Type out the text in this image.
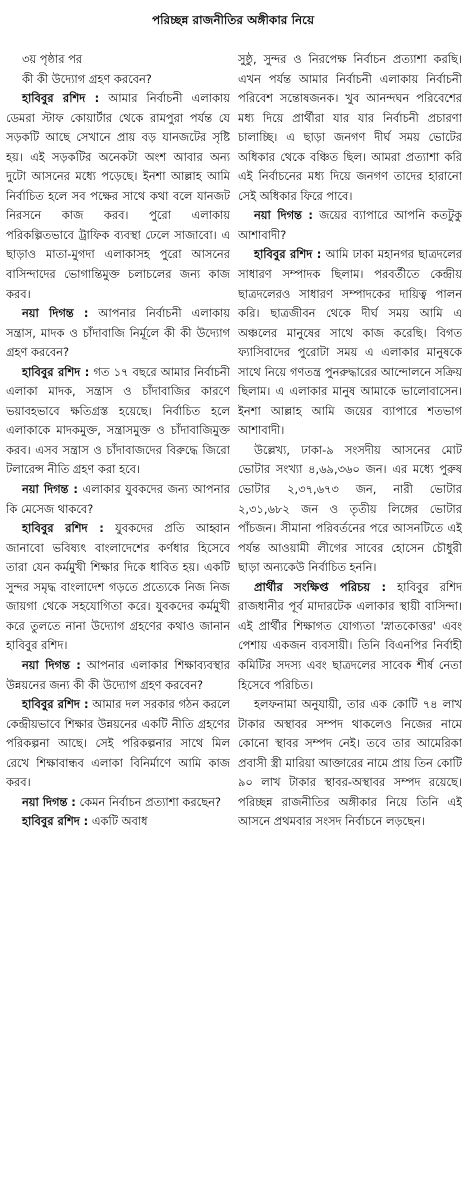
পরিচ্ছন্ন রাজনীতির অঙ্গীকার নিয়ে

৩য় পৃষ্ঠার পর

কী কী উদ্যোগ গ্রহণ করবেন?

হাবিবুর রশিদ : আমার নির্বাচনী এলাকায় ডেমরা স্টাফ কোয়ার্টার থেকে রামপুরা পর্যন্ত যে সড়কটি আছে সেখানে প্রায় বড় যানজটের সৃষ্টি হয়। এই সড়কটির অনেকটা অংশ আবার অন্য দুটো আসনের মধ্যে পড়েছে। ইনশা আল্লাহ আমি নির্বাচিত হলে সব পক্ষের সাথে কথা বলে যানজট নিরসনে কাজ করব। পুরো এলাকায় পরিকল্পিতভাবে ট্রাফিক ব্যবস্থা ঢেলে সাজাবো। এ ছাড়াও মাতা-মুগদা এলাকাসহ পুরো আসনের বাসিন্দাদের ভোগান্তিমুক্ত চলাচলের জন্য কাজ করব।

নয়া দিগন্ত : আপনার নির্বাচনী এলাকায় সন্ত্রাস, মাদক ও চাঁদাবাজি নির্মূলে কী কী উদ্যোগ গ্রহণ করবেন?

হাবিবুর রশিদ : গত ১৭ বছরে আমার নির্বাচনী এলাকা মাদক, সন্ত্রাস ও চাঁদাবাজির কারণে ভয়াবহভাবে ক্ষতিগ্রস্ত হয়েছে। নির্বাচিত হলে এলাকাকে মাদকমুক্ত, সন্ত্রাসমুক্ত ও চাঁদাবাজিমুক্ত করব। এসব সন্ত্রাস ও চাঁদাবাজদের বিরুদ্ধে জিরো টলারেন্স নীতি গ্রহণ করা হবে।

নয়া দিগন্ত : এলাকার যুবকদের জন্য আপনার কি মেসেজ থাকবে?

হাবিবুর রশিদ : যুবকদের প্রতি আহ্বান জানাবো ভবিষ্যৎ বাংলাদেশের কর্ণধার হিসেবে তারা যেন কর্মমুখী শিক্ষার দিকে ধাবিত হয়। একটি সুন্দর সমৃদ্ধ বাংলাদেশ গড়তে প্রত্যেকে নিজ নিজ জায়গা থেকে সহযোগিতা করে। যুবকদের কর্মমুখী করে তুলতে নানা উদ্যোগ গ্রহণের কথাও জানান হাবিবুর রশিদ।

নয়া দিগন্ত : আপনার এলাকার শিক্ষাব্যবস্থার উন্নয়নের জন্য কী কী উদ্যোগ গ্রহণ করবেন?

হাবিবুর রশিদ : আমার দল সরকার গঠন করলে কেন্দ্রীয়ভাবে শিক্ষার উন্নয়নের একটি নীতি গ্রহণের পরিকল্পনা আছে। সেই পরিকল্পনার সাথে মিল রেখে শিক্ষাবান্ধব এলাকা বিনির্মাণে আমি কাজ করব।

নয়া দিগন্ত : কেমন নির্বাচন প্রত্যাশা করছেন?

হাবিবুর রশিদ : একটি অবাধ

সুষ্ঠু, সুন্দর ও নিরপেক্ষ নির্বাচন প্রত্যাশা করছি। এখন পর্যন্ত আমার নির্বাচনী এলাকায় নির্বাচনী পরিবেশ সন্তোষজনক। খুব আনন্দঘন পরিবেশের মধ্য দিয়ে প্রার্থীরা যার যার নির্বাচনী প্রচারণা চালাচ্ছি। এ ছাড়া জনগণ দীর্ঘ সময় ভোটের অধিকার থেকে বঞ্চিত ছিল। আমরা প্রত্যাশা করি এই নির্বাচনের মধ্য দিয়ে জনগণ তাদের হারানো সেই অধিকার ফিরে পাবে।

নয়া দিগন্ত : জয়ের ব্যাপারে আপনি কতটুকু আশাবাদী?

হাবিবুর রশিদ : আমি ঢাকা মহানগর ছাত্রদলের সাধারণ সম্পাদক ছিলাম। পরবর্তীতে কেন্দ্রীয় ছাত্রদলেরও সাধারণ সম্পাদকের দায়িত্ব পালন করি। ছাত্রজীবন থেকে দীর্ঘ সময় আমি এ অঞ্চলের মানুষের সাথে কাজ করেছি। বিগত ফ্যাসিবাদের পুরোটা সময় এ এলাকার মানুষকে সাথে নিয়ে গণতন্ত্র পুনরুদ্ধারের আন্দোলনে সক্রিয় ছিলাম। এ এলাকার মানুষ আমাকে ভালোবাসেন। ইনশা আল্লাহ আমি জয়ের ব্যাপারে শতভাগ আশাবাদী।

উল্লেখ্য, ঢাকা-৯ সংসদীয় আসনের মোট ভোটার সংখ্যা ৪,৬৯,৩৬০ জন। এর মধ্যে পুরুষ ভোটার ২,৩৭,৬৭৩ জন, নারী ভোটার ২,৩১,৬৮২ জন ও তৃতীয় লিঙ্গের ভোটার পাঁচজন। সীমানা পরিবর্তনের পরে আসনটিতে এই পর্যন্ত আওয়ামী লীগের সাবের হোসেন চৌধুরী ছাড়া অন্যকেউ নির্বাচিত হননি।

প্রার্থীর সংক্ষিপ্ত পরিচয় : হাবিবুর রশিদ রাজধানীর পূর্ব মাদারটেক এলাকার স্থায়ী বাসিন্দা। এই প্রার্থীর শিক্ষাগত যোগ্যতা 'স্নাতকোত্তর' এবং পেশায় একজন ব্যবসায়ী। তিনি বিএনপির নির্বাহী কমিটির সদস্য এবং ছাত্রদলের সাবেক শীর্ষ নেতা হিসেবে পরিচিত।

হলফনামা অনুযায়ী, তার এক কোটি ৭৪ লাখ টাকার অস্থাবর সম্পদ থাকলেও নিজের নামে কোনো স্থাবর সম্পদ নেই। তবে তার আমেরিকা প্রবাসী স্ত্রী মারিয়া আক্তারের নামে প্রায় তিন কোটি ৯০ লাখ টাকার স্থাবর-অস্থাবর সম্পদ রয়েছে। পরিচ্ছন্ন রাজনীতির অঙ্গীকার নিয়ে তিনি এই আসনে প্রথমবার সংসদ নির্বাচনে লড়ছেন।
